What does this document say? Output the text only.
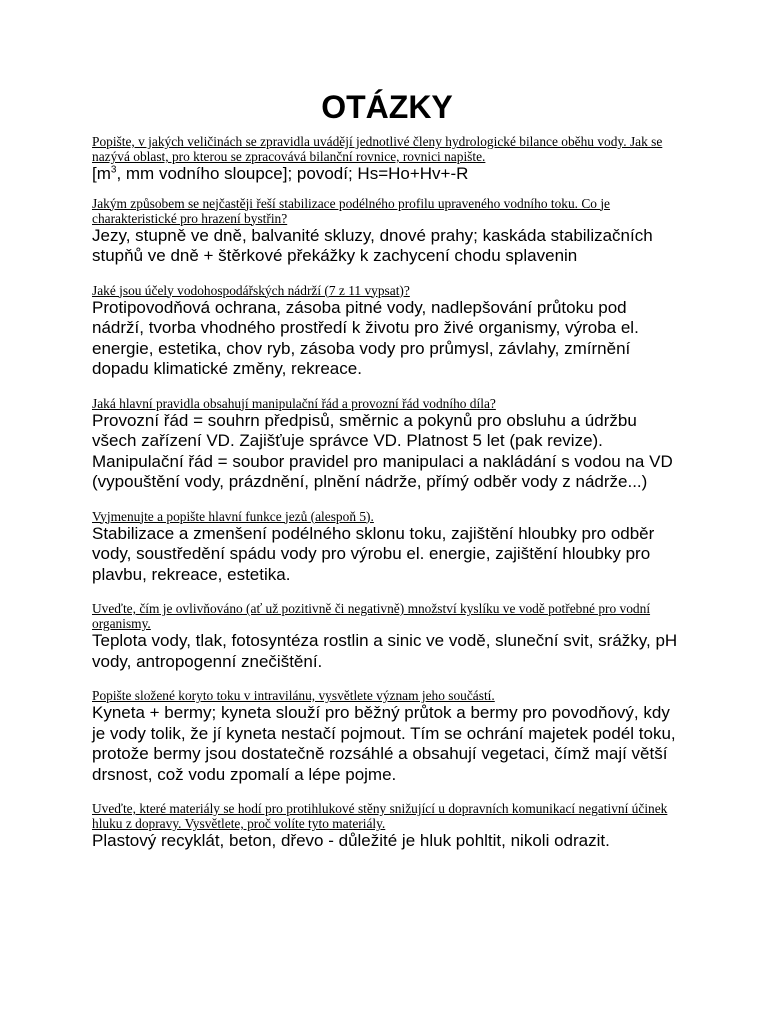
OTÁZKY

Popište, v jakých veličinách se zpravidla uvádějí jednotlivé členy hydrologické bilance oběhu vody. Jak se nazývá oblast, pro kterou se zpracovává bilanční rovnice, rovnici napište.

[$m^3$, mm vodního sloupce]; povodí; Hs=Ho+Hv+-R

Jakým způsobem se nejčastěji řeší stabilizace podélného profilu upraveného vodního toku. Co je charakteristické pro hrazení bystřin?

Jezy, stupně ve dně, balvanité skluzy, dnové prahy; kaskáda stabilizačních stupňů ve dně + štěrkové překážky k zachycení chodu splavenin

Jaké jsou účely vodohospodářských nádrží (7 z 11 vypsat)?

Protipovodňová ochrana, zásoba pitné vody, nadlepšování průtoku pod nádrží, tvorba vhodného prostředí k životu pro živé organismy, výroba el. energie, estetika, chov ryb, zásoba vody pro průmysl, závlahy, zmírnění dopadu klimatické změny, rekreace.

Jaká hlavní pravidla obsahují manipulační řád a provozní řád vodního díla?

Provozní řád = souhrn předpisů, směrnic a pokynů pro obsluhu a údržbu všech zařízení VD. Zajišťuje správce VD. Platnost 5 let (pak revize).

Manipulační řád = soubor pravidel pro manipulaci a nakládání s vodou na VD (vypouštění vody, prázdnění, plnění nádrže, přímý odběr vody z nádrže...)

Vyjmenujte a popište hlavní funkce jezů (alespoň 5).

Stabilizace a zmenšení podélného sklonu toku, zajištění hloubky pro odběr vody, soustředění spádu vody pro výrobu el. energie, zajištění hloubky pro plavbu, rekreace, estetika.

Uveďte, čím je ovlivňováno (ať už pozitivně či negativně) množství kyslíku ve vodě potřebné pro vodní organismy.

Teplota vody, tlak, fotosyntéza rostlin a sinic ve vodě, sluneční svit, srážky, pH vody, antropogenní znečištění.

Popište složené koryto toku v intravilánu, vysvětlete význam jeho součástí.

Kyneta + bermy; kyneta slouží pro běžný průtok a bermy pro povodňový, kdy je vody tolik, že jí kyneta nestačí pojmout. Tím se ochrání majetek podél toku, protože bermy jsou dostatečně rozsáhlé a obsahují vegetaci, čímž mají větší drsnost, což vodu zpomalí a lépe pojme.

Uveďte, které materiály se hodí pro protihlukové stěny snižující u dopravních komunikací negativní účinek hluku z dopravy. Vysvětlete, proč volíte tyto materiály.

Plastový recyklát, beton, dřevo - důležité je hluk pohltit, nikoli odrazit.
